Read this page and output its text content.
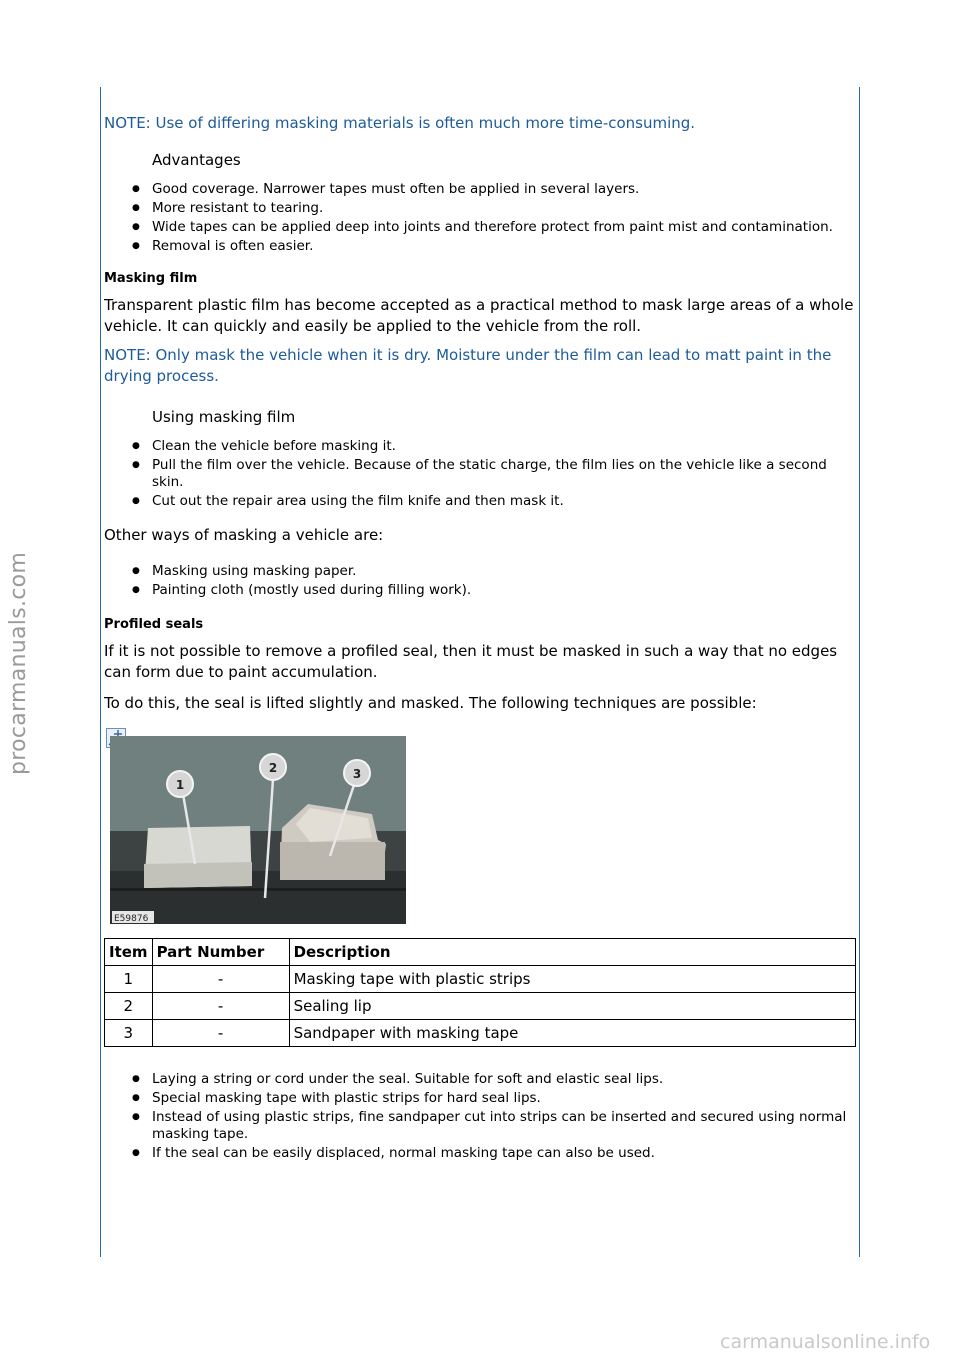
procarmanuals.com
carmanualsonline.info

NOTE: Use of differing masking materials is often much more time-consuming.

Advantages

● Good coverage. Narrower tapes must often be applied in several layers.
● More resistant to tearing.
● Wide tapes can be applied deep into joints and therefore protect from paint mist and contamination.
● Removal is often easier.

Masking film

Transparent plastic film has become accepted as a practical method to mask large areas of a whole vehicle. It can quickly and easily be applied to the vehicle from the roll.

NOTE: Only mask the vehicle when it is dry. Moisture under the film can lead to matt paint in the drying process.

Using masking film

● Clean the vehicle before masking it.
● Pull the film over the vehicle. Because of the static charge, the film lies on the vehicle like a second skin.
● Cut out the repair area using the film knife and then mask it.

Other ways of masking a vehicle are:

● Masking using masking paper.
● Painting cloth (mostly used during filling work).

Profiled seals

If it is not possible to remove a profiled seal, then it must be masked in such a way that no edges can form due to paint accumulation.

To do this, the seal is lifted slightly and masked. The following techniques are possible:

1
2	3
E59876
Item	Part Number	Description
1	-	Masking tape with plastic strips
2	-	Sealing lip
3	-	Sandpaper with masking tape
● Laying a string or cord under the seal. Suitable for soft and elastic seal lips.
● Special masking tape with plastic strips for hard seal lips.
● Instead of using plastic strips, fine sandpaper cut into strips can be inserted and secured using normal masking tape.
● If the seal can be easily displaced, normal masking tape can also be used.
